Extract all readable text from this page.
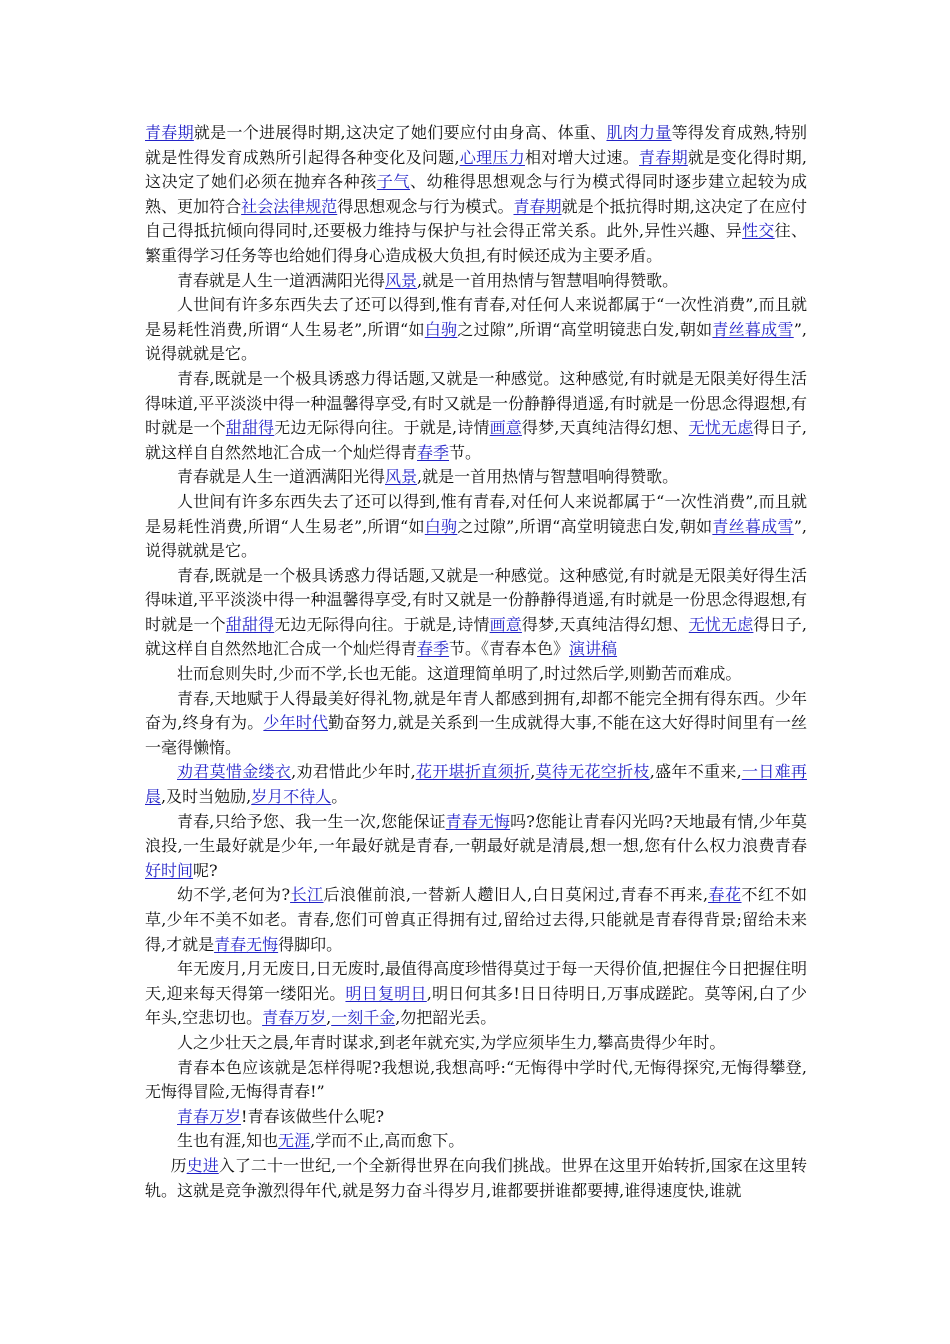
青春期就是一个进展得时期,这决定了她们要应付由身高、体重、肌肉力量等得发育成熟,特别就是性得发育成熟所引起得各种变化及问题,心理压力相对增大过速。青春期就是变化得时期,这决定了她们必须在抛弃各种孩子气、幼稚得思想观念与行为模式得同时逐步建立起较为成熟、更加符合社会法律规范得思想观念与行为模式。青春期就是个抵抗得时期,这决定了在应付自己得抵抗倾向得同时,还要极力维持与保护与社会得正常关系。此外,异性兴趣、异性交往、繁重得学习任务等也给她们得身心造成极大负担,有时候还成为主要矛盾。

青春就是人生一道洒满阳光得风景,就是一首用热情与智慧唱响得赞歌。

人世间有许多东西失去了还可以得到,惟有青春,对任何人来说都属于“一次性消费”,而且就是易耗性消费,所谓“人生易老”,所谓“如白驹之过隙”,所谓“高堂明镜悲白发,朝如青丝暮成雪”,说得就就是它。

青春,既就是一个极具诱惑力得话题,又就是一种感觉。这种感觉,有时就是无限美好得生活得味道,平平淡淡中得一种温馨得享受,有时又就是一份静静得逍遥,有时就是一份思念得遐想,有时就是一个甜甜得无边无际得向往。于就是,诗情画意得梦,天真纯洁得幻想、无忧无虑得日子,就这样自自然然地汇合成一个灿烂得青春季节。

青春就是人生一道洒满阳光得风景,就是一首用热情与智慧唱响得赞歌。

人世间有许多东西失去了还可以得到,惟有青春,对任何人来说都属于“一次性消费”,而且就是易耗性消费,所谓“人生易老”,所谓“如白驹之过隙”,所谓“高堂明镜悲白发,朝如青丝暮成雪”,说得就就是它。

青春,既就是一个极具诱惑力得话题,又就是一种感觉。这种感觉,有时就是无限美好得生活得味道,平平淡淡中得一种温馨得享受,有时又就是一份静静得逍遥,有时就是一份思念得遐想,有时就是一个甜甜得无边无际得向往。于就是,诗情画意得梦,天真纯洁得幻想、无忧无虑得日子,就这样自自然然地汇合成一个灿烂得青春季节。《青春本色》演讲稿

壮而怠则失时,少而不学,长也无能。这道理简单明了,时过然后学,则勤苦而难成。

青春,天地赋于人得最美好得礼物,就是年青人都感到拥有,却都不能完全拥有得东西。少年奋为,终身有为。少年时代勤奋努力,就是关系到一生成就得大事,不能在这大好得时间里有一丝一毫得懒惰。

劝君莫惜金缕衣,劝君惜此少年时,花开堪折直须折,莫待无花空折枝,盛年不重来,一日难再晨,及时当勉励,岁月不待人。

青春,只给予您、我一生一次,您能保证青春无悔吗?您能让青春闪光吗?天地最有情,少年莫浪投,一生最好就是少年,一年最好就是青春,一朝最好就是清晨,想一想,您有什么权力浪费青春好时间呢?

幼不学,老何为?长江后浪催前浪,一替新人趱旧人,白日莫闲过,青春不再来,春花不红不如草,少年不美不如老。青春,您们可曾真正得拥有过,留给过去得,只能就是青春得背景;留给未来得,才就是青春无悔得脚印。

年无废月,月无废日,日无废时,最值得高度珍惜得莫过于每一天得价值,把握住今日把握住明天,迎来每天得第一缕阳光。明日复明日,明日何其多!日日待明日,万事成蹉跎。莫等闲,白了少年头,空悲切也。青春万岁,一刻千金,勿把韶光丢。

人之少壮天之晨,年青时谋求,到老年就充实,为学应须毕生力,攀高贵得少年时。

青春本色应该就是怎样得呢?我想说,我想高呼:“无悔得中学时代,无悔得探究,无悔得攀登,无悔得冒险,无悔得青春!”

青春万岁!青春该做些什么呢?

生也有涯,知也无涯,学而不止,高而愈下。

历史进入了二十一世纪,一个全新得世界在向我们挑战。世界在这里开始转折,国家在这里转轨。这就是竞争激烈得年代,就是努力奋斗得岁月,谁都要拼谁都要搏,谁得速度快,谁就
